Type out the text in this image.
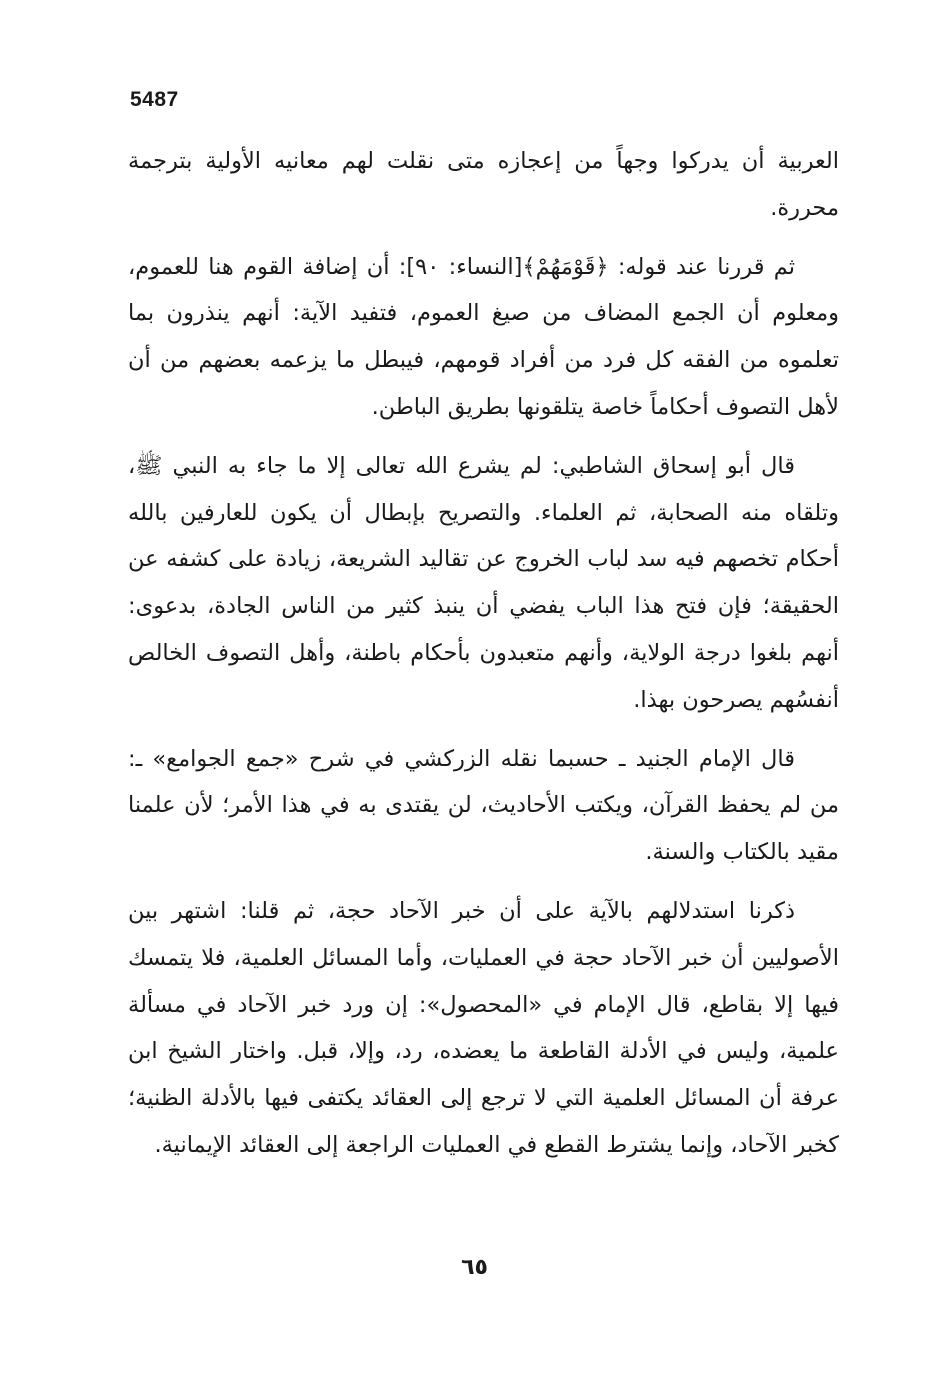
5487

العربية أن يدركوا وجهاً من إعجازه متى نقلت لهم معانيه الأولية بترجمة محررة.

ثم قررنا عند قوله: ﴿قَوْمَهُمْ﴾[النساء: ٩٠]: أن إضافة القوم هنا للعموم، ومعلوم أن الجمع المضاف من صيغ العموم، فتفيد الآية: أنهم ينذرون بما تعلموه من الفقه كل فرد من أفراد قومهم، فيبطل ما يزعمه بعضهم من أن لأهل التصوف أحكاماً خاصة يتلقونها بطريق الباطن.

قال أبو إسحاق الشاطبي: لم يشرع الله تعالى إلا ما جاء به النبي ﷺ، وتلقاه منه الصحابة، ثم العلماء. والتصريح بإبطال أن يكون للعارفين بالله أحكام تخصهم فيه سد لباب الخروج عن تقاليد الشريعة، زيادة على كشفه عن الحقيقة؛ فإن فتح هذا الباب يفضي أن ينبذ كثير من الناس الجادة، بدعوى: أنهم بلغوا درجة الولاية، وأنهم متعبدون بأحكام باطنة، وأهل التصوف الخالص أنفسُهم يصرحون بهذا.

قال الإمام الجنيد ـ حسبما نقله الزركشي في شرح «جمع الجوامع» ـ: من لم يحفظ القرآن، ويكتب الأحاديث، لن يقتدى به في هذا الأمر؛ لأن علمنا مقيد بالكتاب والسنة.

ذكرنا استدلالهم بالآية على أن خبر الآحاد حجة، ثم قلنا: اشتهر بين الأصوليين أن خبر الآحاد حجة في العمليات، وأما المسائل العلمية، فلا يتمسك فيها إلا بقاطع، قال الإمام في «المحصول»: إن ورد خبر الآحاد في مسألة علمية، وليس في الأدلة القاطعة ما يعضده، رد، وإلا، قبل. واختار الشيخ ابن عرفة أن المسائل العلمية التي لا ترجع إلى العقائد يكتفى فيها بالأدلة الظنية؛ كخبر الآحاد، وإنما يشترط القطع في العمليات الراجعة إلى العقائد الإيمانية.

٦٥
